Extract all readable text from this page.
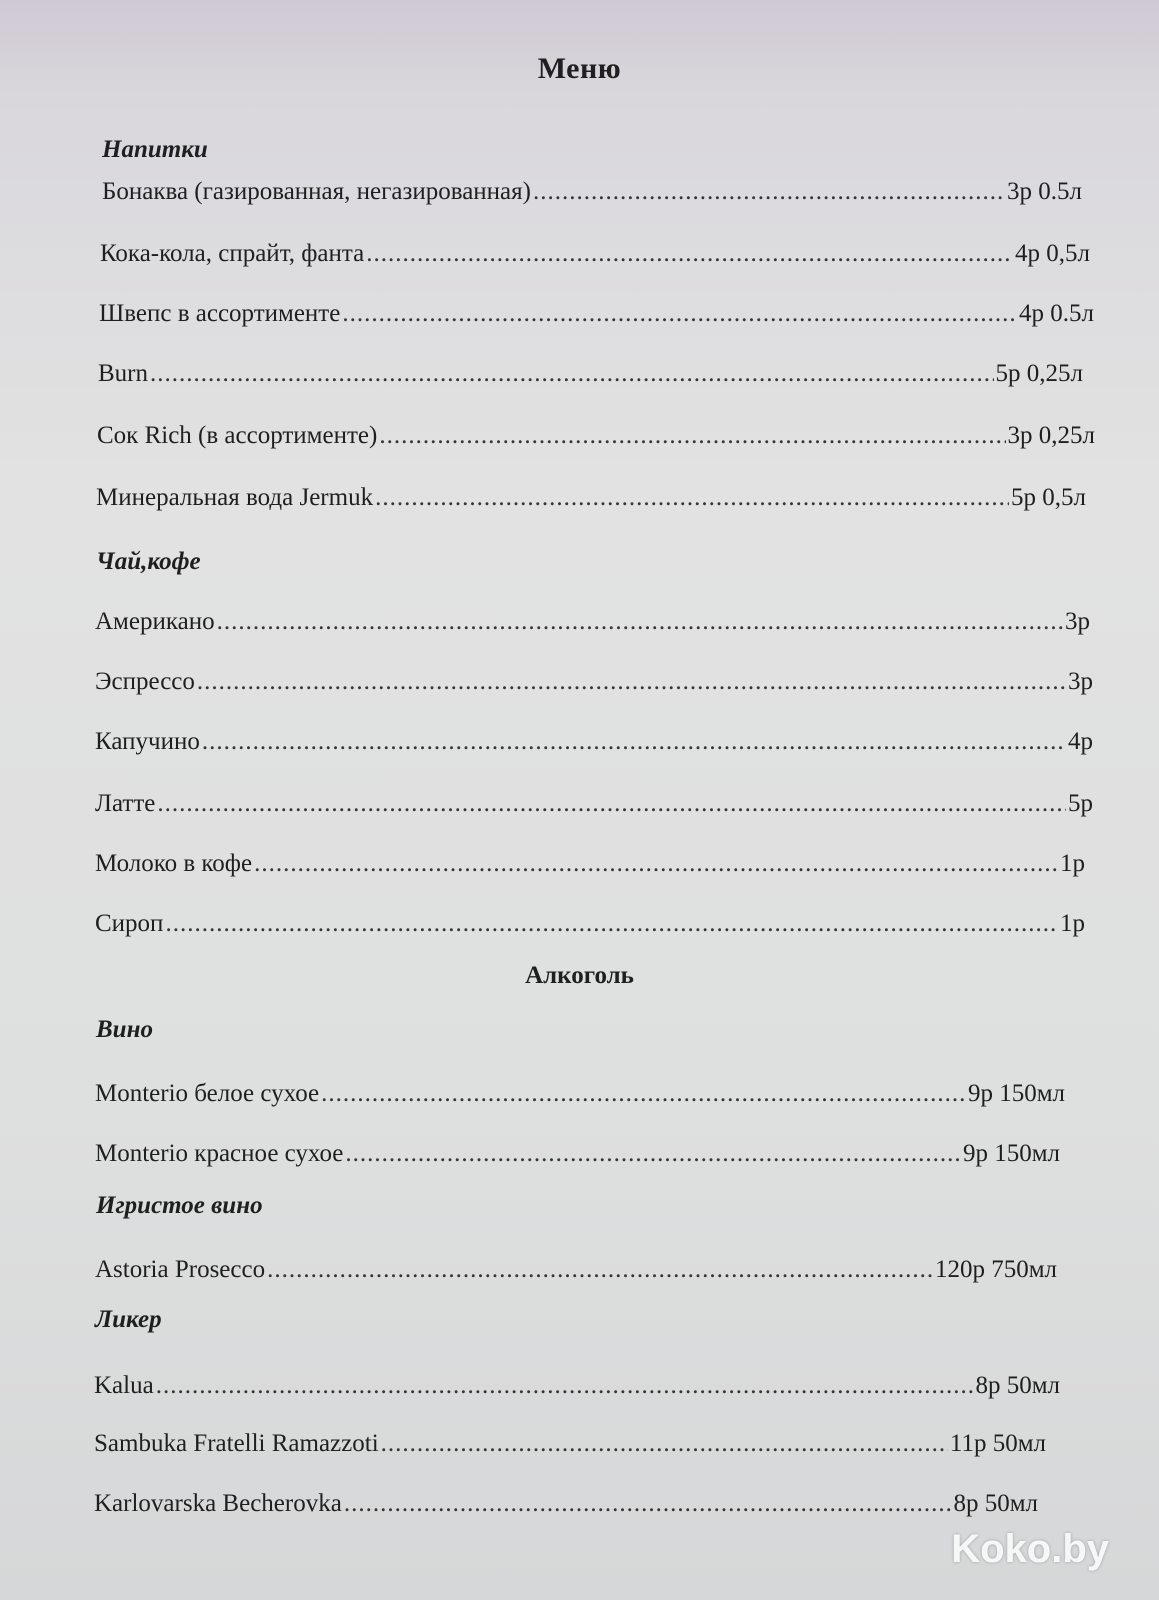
Меню
Напитки
Бонаква (газированная, негазированная) .....	3р 0.5л
Кока-кола, спрайт, фанта .....	4р 0,5л
Швепс в ассортименте .....	4р 0.5л
Burn .....	5р 0,25л
Сок Rich (в ассортименте) .....	3р 0,25л
Минеральная вода Jermuk .....	5р 0,5л
Чай,кофе
Американо .....	3р
Эспрессо .....	3р
Капучино .....	4р
Латте .....	5р
Молоко в кофе .....	1р
Сироп .....	1р
Алкоголь
Вино
Monterio белое сухое .....	9р 150мл
Monterio красное сухое .....	9р 150мл
Игристое вино
Astoria Prosecco .....	120р 750мл
Ликер
Kalua .....	8р 50мл
Sambuka Fratelli Ramazzoti .....	11р 50мл
Karlovarska Becherovka .....	8р 50мл
Koko.by
